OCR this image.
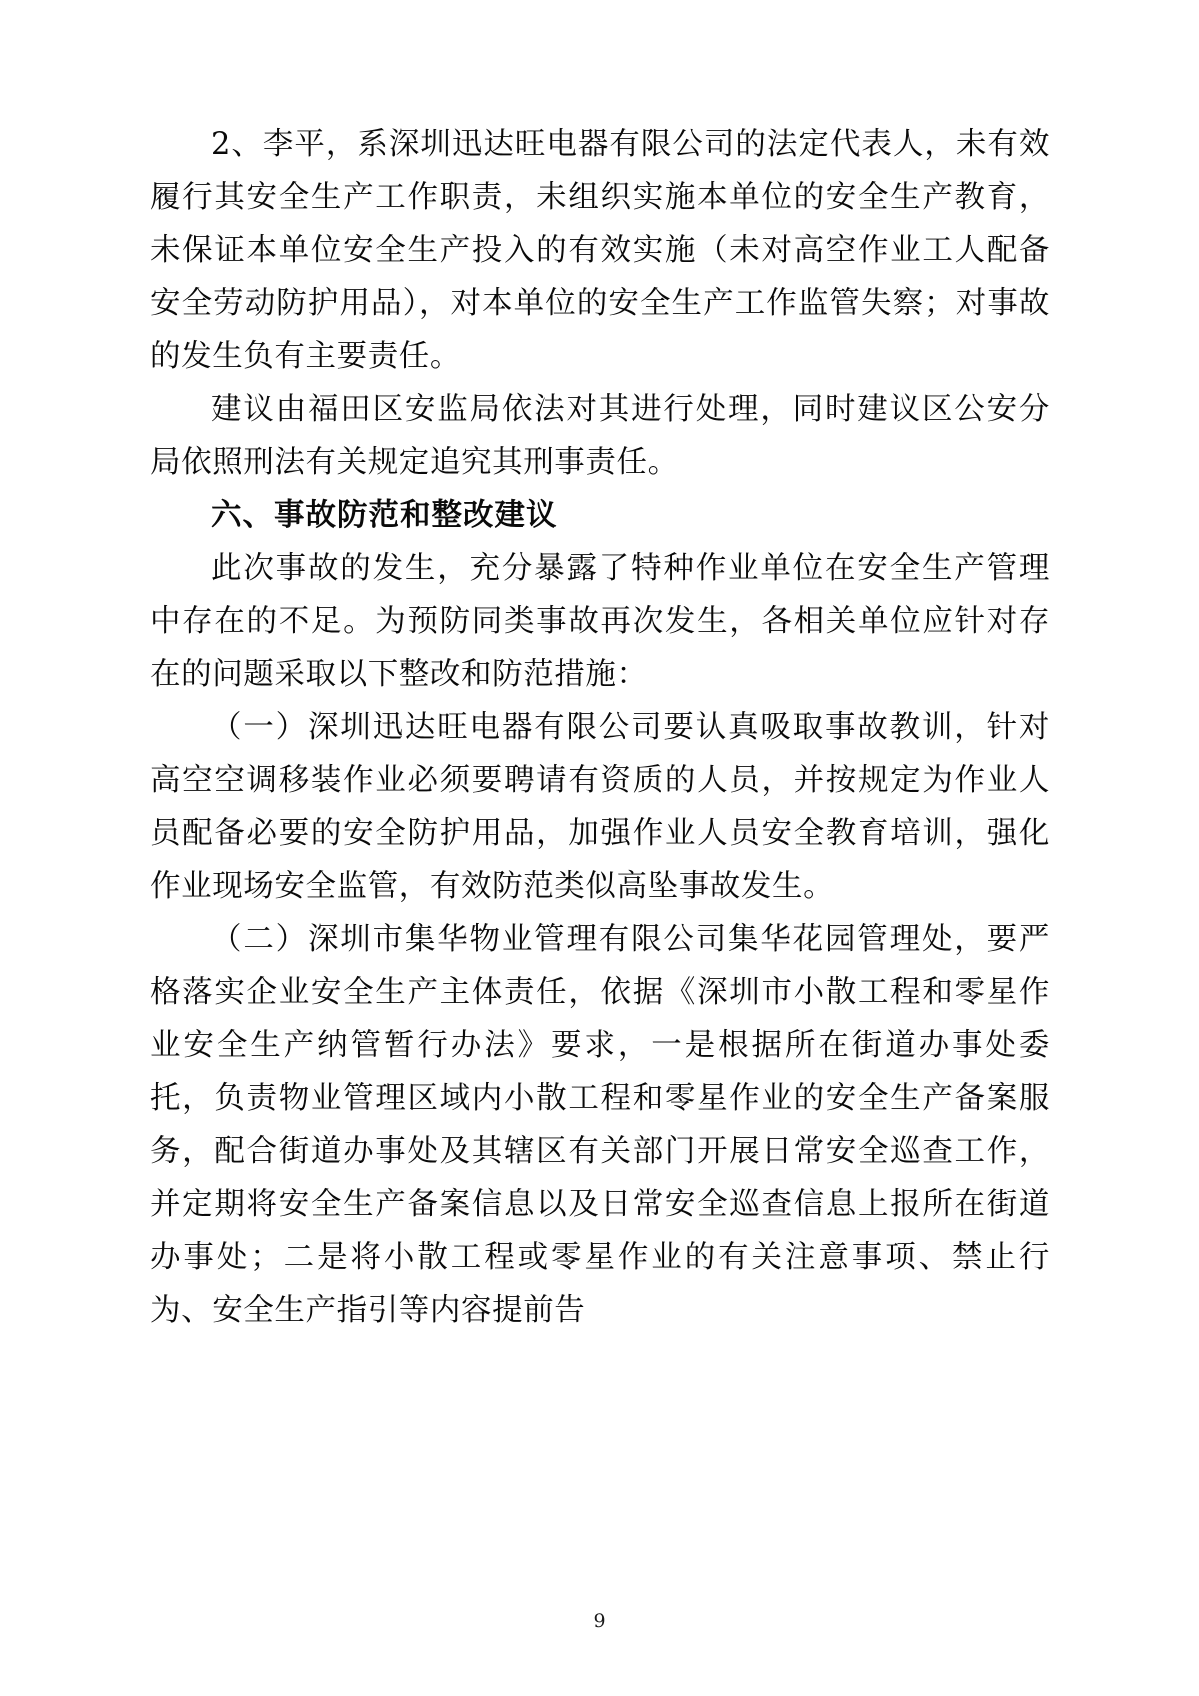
2、李平，系深圳迅达旺电器有限公司的法定代表人，未有效履行其安全生产工作职责，未组织实施本单位的安全生产教育，未保证本单位安全生产投入的有效实施（未对高空作业工人配备安全劳动防护用品），对本单位的安全生产工作监管失察；对事故的发生负有主要责任。

建议由福田区安监局依法对其进行处理，同时建议区公安分局依照刑法有关规定追究其刑事责任。

六、事故防范和整改建议

此次事故的发生，充分暴露了特种作业单位在安全生产管理中存在的不足。为预防同类事故再次发生，各相关单位应针对存在的问题采取以下整改和防范措施：

（一）深圳迅达旺电器有限公司要认真吸取事故教训，针对高空空调移装作业必须要聘请有资质的人员，并按规定为作业人员配备必要的安全防护用品，加强作业人员安全教育培训，强化作业现场安全监管，有效防范类似高坠事故发生。

（二）深圳市集华物业管理有限公司集华花园管理处，要严格落实企业安全生产主体责任，依据《深圳市小散工程和零星作业安全生产纳管暂行办法》要求，一是根据所在街道办事处委托，负责物业管理区域内小散工程和零星作业的安全生产备案服务，配合街道办事处及其辖区有关部门开展日常安全巡查工作，并定期将安全生产备案信息以及日常安全巡查信息上报所在街道办事处；二是将小散工程或零星作业的有关注意事项、禁止行为、安全生产指引等内容提前告

9
